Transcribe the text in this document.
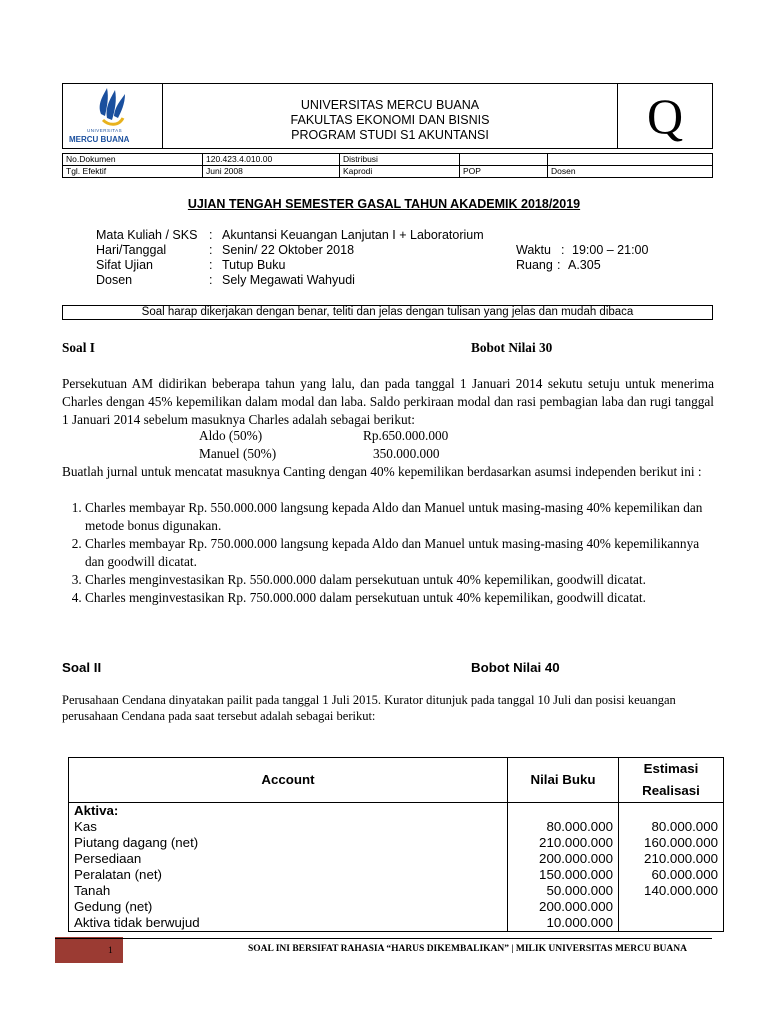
UNIVERSITAS
MERCU BUANA
UNIVERSITAS MERCU BUANA
FAKULTAS EKONOMI DAN BISNIS
PROGRAM STUDI S1 AKUNTANSI	Q
No.Dokumen	120.423.4.010.00	Distribusi		
Tgl. Efektif	Juni 2008	Kaprodi	POP	Dosen
UJIAN TENGAH SEMESTER GASAL TAHUN AKADEMIK 2018/2019
Mata Kuliah / SKS : Akuntansi Keuangan Lanjutan I + Laboratorium
Hari/Tanggal	: Senin/ 22 Oktober 2018
Sifat Ujian	: Tutup Buku
Dosen	: Sely Megawati Wahyudi
Waktu : 19:00 – 21:00
Ruang : A.305
Soal harap dikerjakan dengan benar, teliti dan jelas dengan tulisan yang jelas dan mudah dibaca
Soal I	Bobot Nilai 30
Persekutuan AM didirikan beberapa tahun yang lalu, dan pada tanggal 1 Januari 2014 sekutu setuju untuk menerima Charles dengan 45% kepemilikan dalam modal dan laba. Saldo perkiraan modal dan rasi pembagian laba dan rugi tanggal 1 Januari 2014 sebelum masuknya Charles adalah sebagai berikut:
Aldo (50%)	Rp.650.000.000
Manuel (50%)	350.000.000
Buatlah jurnal untuk mencatat masuknya Canting dengan 40% kepemilikan berdasarkan asumsi independen berikut ini :
1. Charles membayar Rp. 550.000.000 langsung kepada Aldo dan Manuel untuk masing-masing 40% kepemilikan dan metode bonus digunakan.
2. Charles membayar Rp. 750.000.000 langsung kepada Aldo dan Manuel untuk masing-masing 40% kepemilikannya dan goodwill dicatat.
3. Charles menginvestasikan Rp. 550.000.000 dalam persekutuan untuk 40% kepemilikan, goodwill dicatat.
4. Charles menginvestasikan Rp. 750.000.000 dalam persekutuan untuk 40% kepemilikan, goodwill dicatat.
Soal II	Bobot Nilai 40
Perusahaan Cendana dinyatakan pailit pada tanggal 1 Juli 2015. Kurator ditunjuk pada tanggal 10 Juli dan posisi keuangan perusahaan Cendana pada saat tersebut adalah sebagai berikut:
Account	Nilai Buku	Estimasi
Realisasi

Aktiva:		
Kas	80.000.000	80.000.000
Piutang dagang (net)	210.000.000	160.000.000
Persediaan	200.000.000	210.000.000
Peralatan (net)	150.000.000	60.000.000
Tanah	50.000.000	140.000.000
Gedung (net)	200.000.000	
Aktiva tidak berwujud	10.000.000	
1	SOAL INI BERSIFAT RAHASIA “HARUS DIKEMBALIKAN” | MILIK UNIVERSITAS MERCU BUANA
